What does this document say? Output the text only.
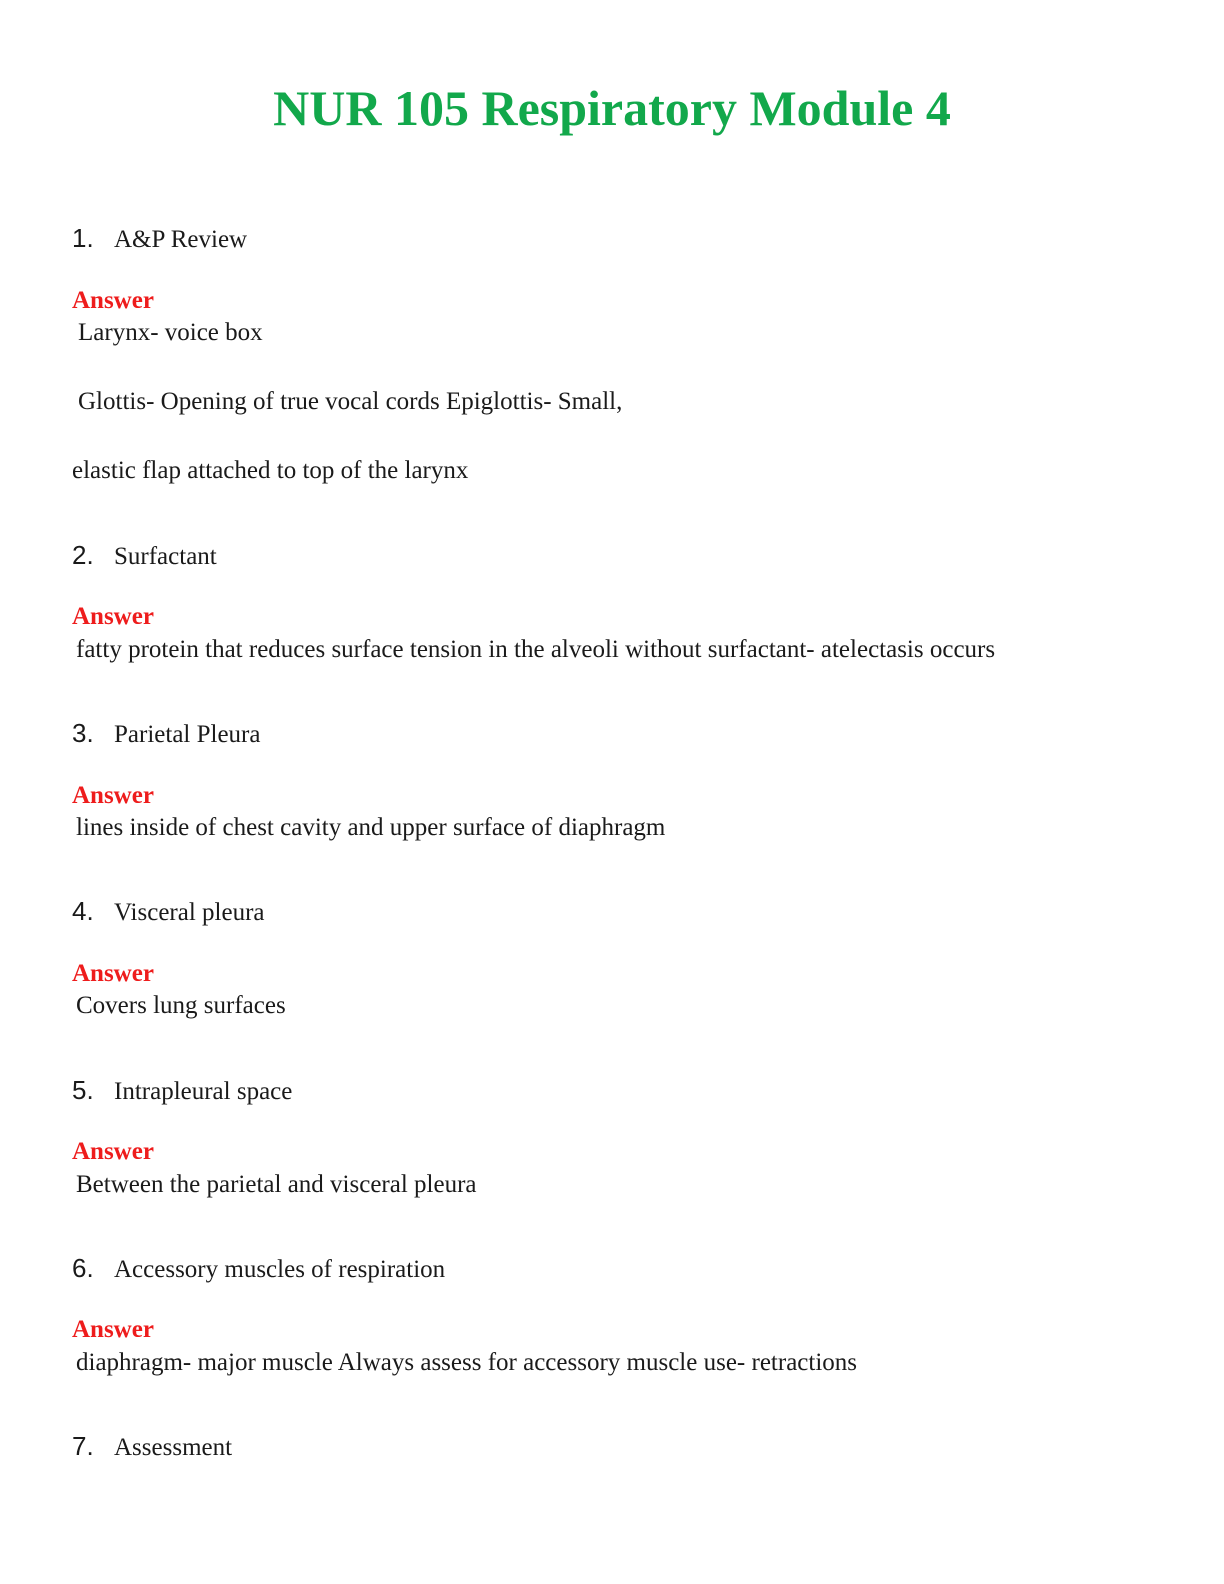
NUR 105 Respiratory Module 4
1. A&P Review
Answer
Larynx- voice box
Glottis- Opening of true vocal cords Epiglottis- Small,
elastic flap attached to top of the larynx
2. Surfactant
Answer
fatty protein that reduces surface tension in the alveoli without surfactant- atelectasis occurs
3. Parietal Pleura
Answer
lines inside of chest cavity and upper surface of diaphragm
4. Visceral pleura
Answer
Covers lung surfaces
5. Intrapleural space
Answer
Between the parietal and visceral pleura
6. Accessory muscles of respiration
Answer
diaphragm- major muscle Always assess for accessory muscle use- retractions
7. Assessment
